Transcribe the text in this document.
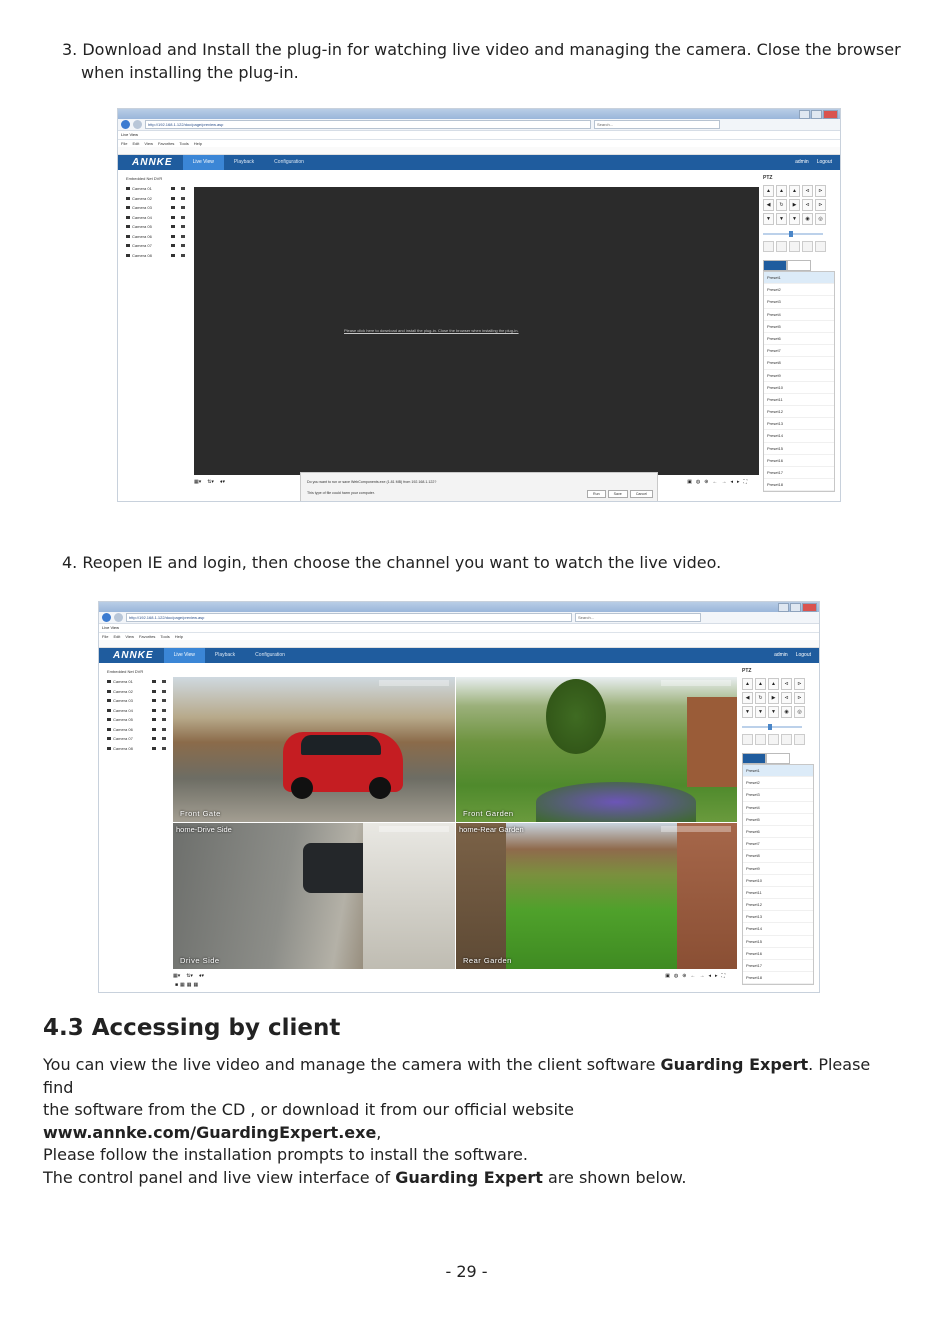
3. Download and Install the plug-in for watching live video and managing the camera. Close the browser
when installing the plug-in.
http://192.168.1.122/doc/page/preview.asp	Search...
Live View
File Edit View Favorites Tools Help
ANNKE	Live View	Playback	Configuration	admin Logout
Embedded Net DVR
Camera 01
Camera 02
Camera 03
Camera 04
Camera 05
Camera 06
Camera 07
Camera 08
Please click here to download and install the plug-in. Close the browser when installing the plug-in.
▦▾ ⇅▾ ♦▾	▣◍⊕←→◂▸⛶
Do you want to run or save WebComponents.exe (1.81 MB) from 192.168.1.122?
This type of file could harm your computer.	Run	Save	Cancel
PTZ
▲	▲	▲	⊲	⊳
◀	↻	▶	⊲	⊳
▼	▼	▼	◉	◎
Preset1
Preset2
Preset3
Preset4
Preset5
Preset6
Preset7
Preset8
Preset9
Preset10
Preset11
Preset12
Preset13
Preset14
Preset15
Preset16
Preset17
Preset18
4. Reopen IE and login, then choose the channel you want to watch the live video.
http://192.168.1.122/doc/page/preview.asp	Search...
Live View
File Edit View Favorites Tools Help
ANNKE	Live View	Playback	Configuration	admin Logout
Embedded Net DVR
Camera 01
Camera 02
Camera 03
Camera 04
Camera 05
Camera 06
Camera 07
Camera 08
Front Gate	Front Garden
home-Drive Side
Drive Side
home-Rear Garden
Rear Garden
▦▾ ⇅▾ ♦▾	▣◍⊕←→◂▸⛶
■▦▦▦
PTZ
▲	▲	▲	⊲	⊳
◀	↻	▶	⊲	⊳
▼	▼	▼	◉	◎
Preset1
Preset2
Preset3
Preset4
Preset5
Preset6
Preset7
Preset8
Preset9
Preset10
Preset11
Preset12
Preset13
Preset14
Preset15
Preset16
Preset17
Preset18
4.3 Accessing by client
You can view the live video and manage the camera with the client software Guarding Expert. Please find
the software from the CD , or download it from our official website www.annke.com/GuardingExpert.exe,
Please follow the installation prompts to install the software.
The control panel and live view interface of Guarding Expert are shown below.
- 29 -
